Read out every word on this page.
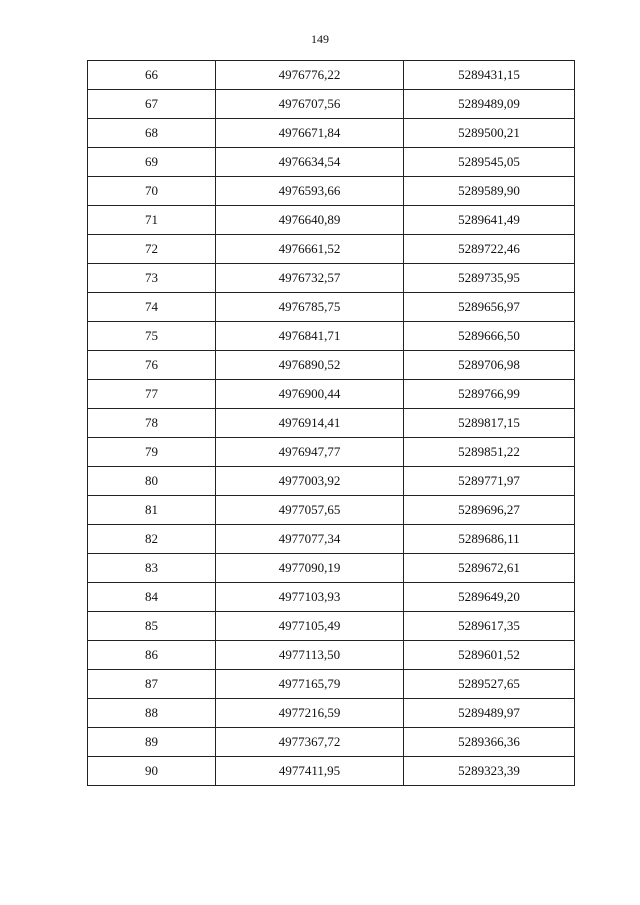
149
66	4976776,22	5289431,15
67	4976707,56	5289489,09
68	4976671,84	5289500,21
69	4976634,54	5289545,05
70	4976593,66	5289589,90
71	4976640,89	5289641,49
72	4976661,52	5289722,46
73	4976732,57	5289735,95
74	4976785,75	5289656,97
75	4976841,71	5289666,50
76	4976890,52	5289706,98
77	4976900,44	5289766,99
78	4976914,41	5289817,15
79	4976947,77	5289851,22
80	4977003,92	5289771,97
81	4977057,65	5289696,27
82	4977077,34	5289686,11
83	4977090,19	5289672,61
84	4977103,93	5289649,20
85	4977105,49	5289617,35
86	4977113,50	5289601,52
87	4977165,79	5289527,65
88	4977216,59	5289489,97
89	4977367,72	5289366,36
90	4977411,95	5289323,39
